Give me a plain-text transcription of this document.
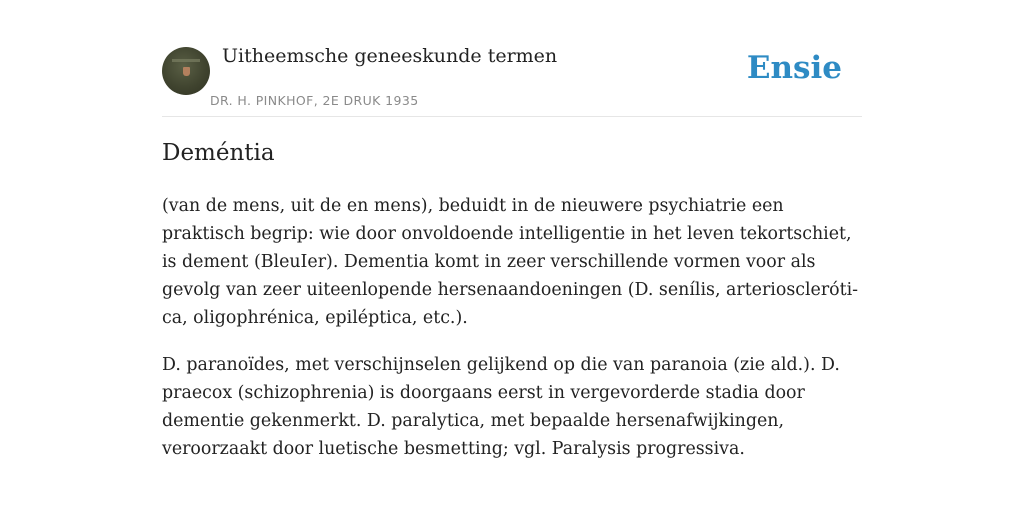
Uitheemsche geneeskunde termen
DR. H. PINKHOF, 2E DRUK 1935
Ensie
Deméntia

(van de mens, uit de en mens), beduidt in de nieuwere psychiatrie een praktisch begrip: wie door onvoldoende intelligentie in het leven tekortschiet, is dement (BleuIer). Dementia komt in zeer verschillende vormen voor als gevolg van zeer uiteenlopende hersenaandoeningen (D. senílis, arteriosclerótica, oligophrénica, epiléptica, etc.).

D. paranoïdes, met verschijnselen gelijkend op die van paranoia (zie ald.). D. praecox (schizophrenia) is doorgaans eerst in vergevorderde stadia door dementie gekenmerkt. D. paralytica, met bepaalde hersenafwijkingen, veroorzaakt door luetische besmetting; vgl. Paralysis progressiva.
